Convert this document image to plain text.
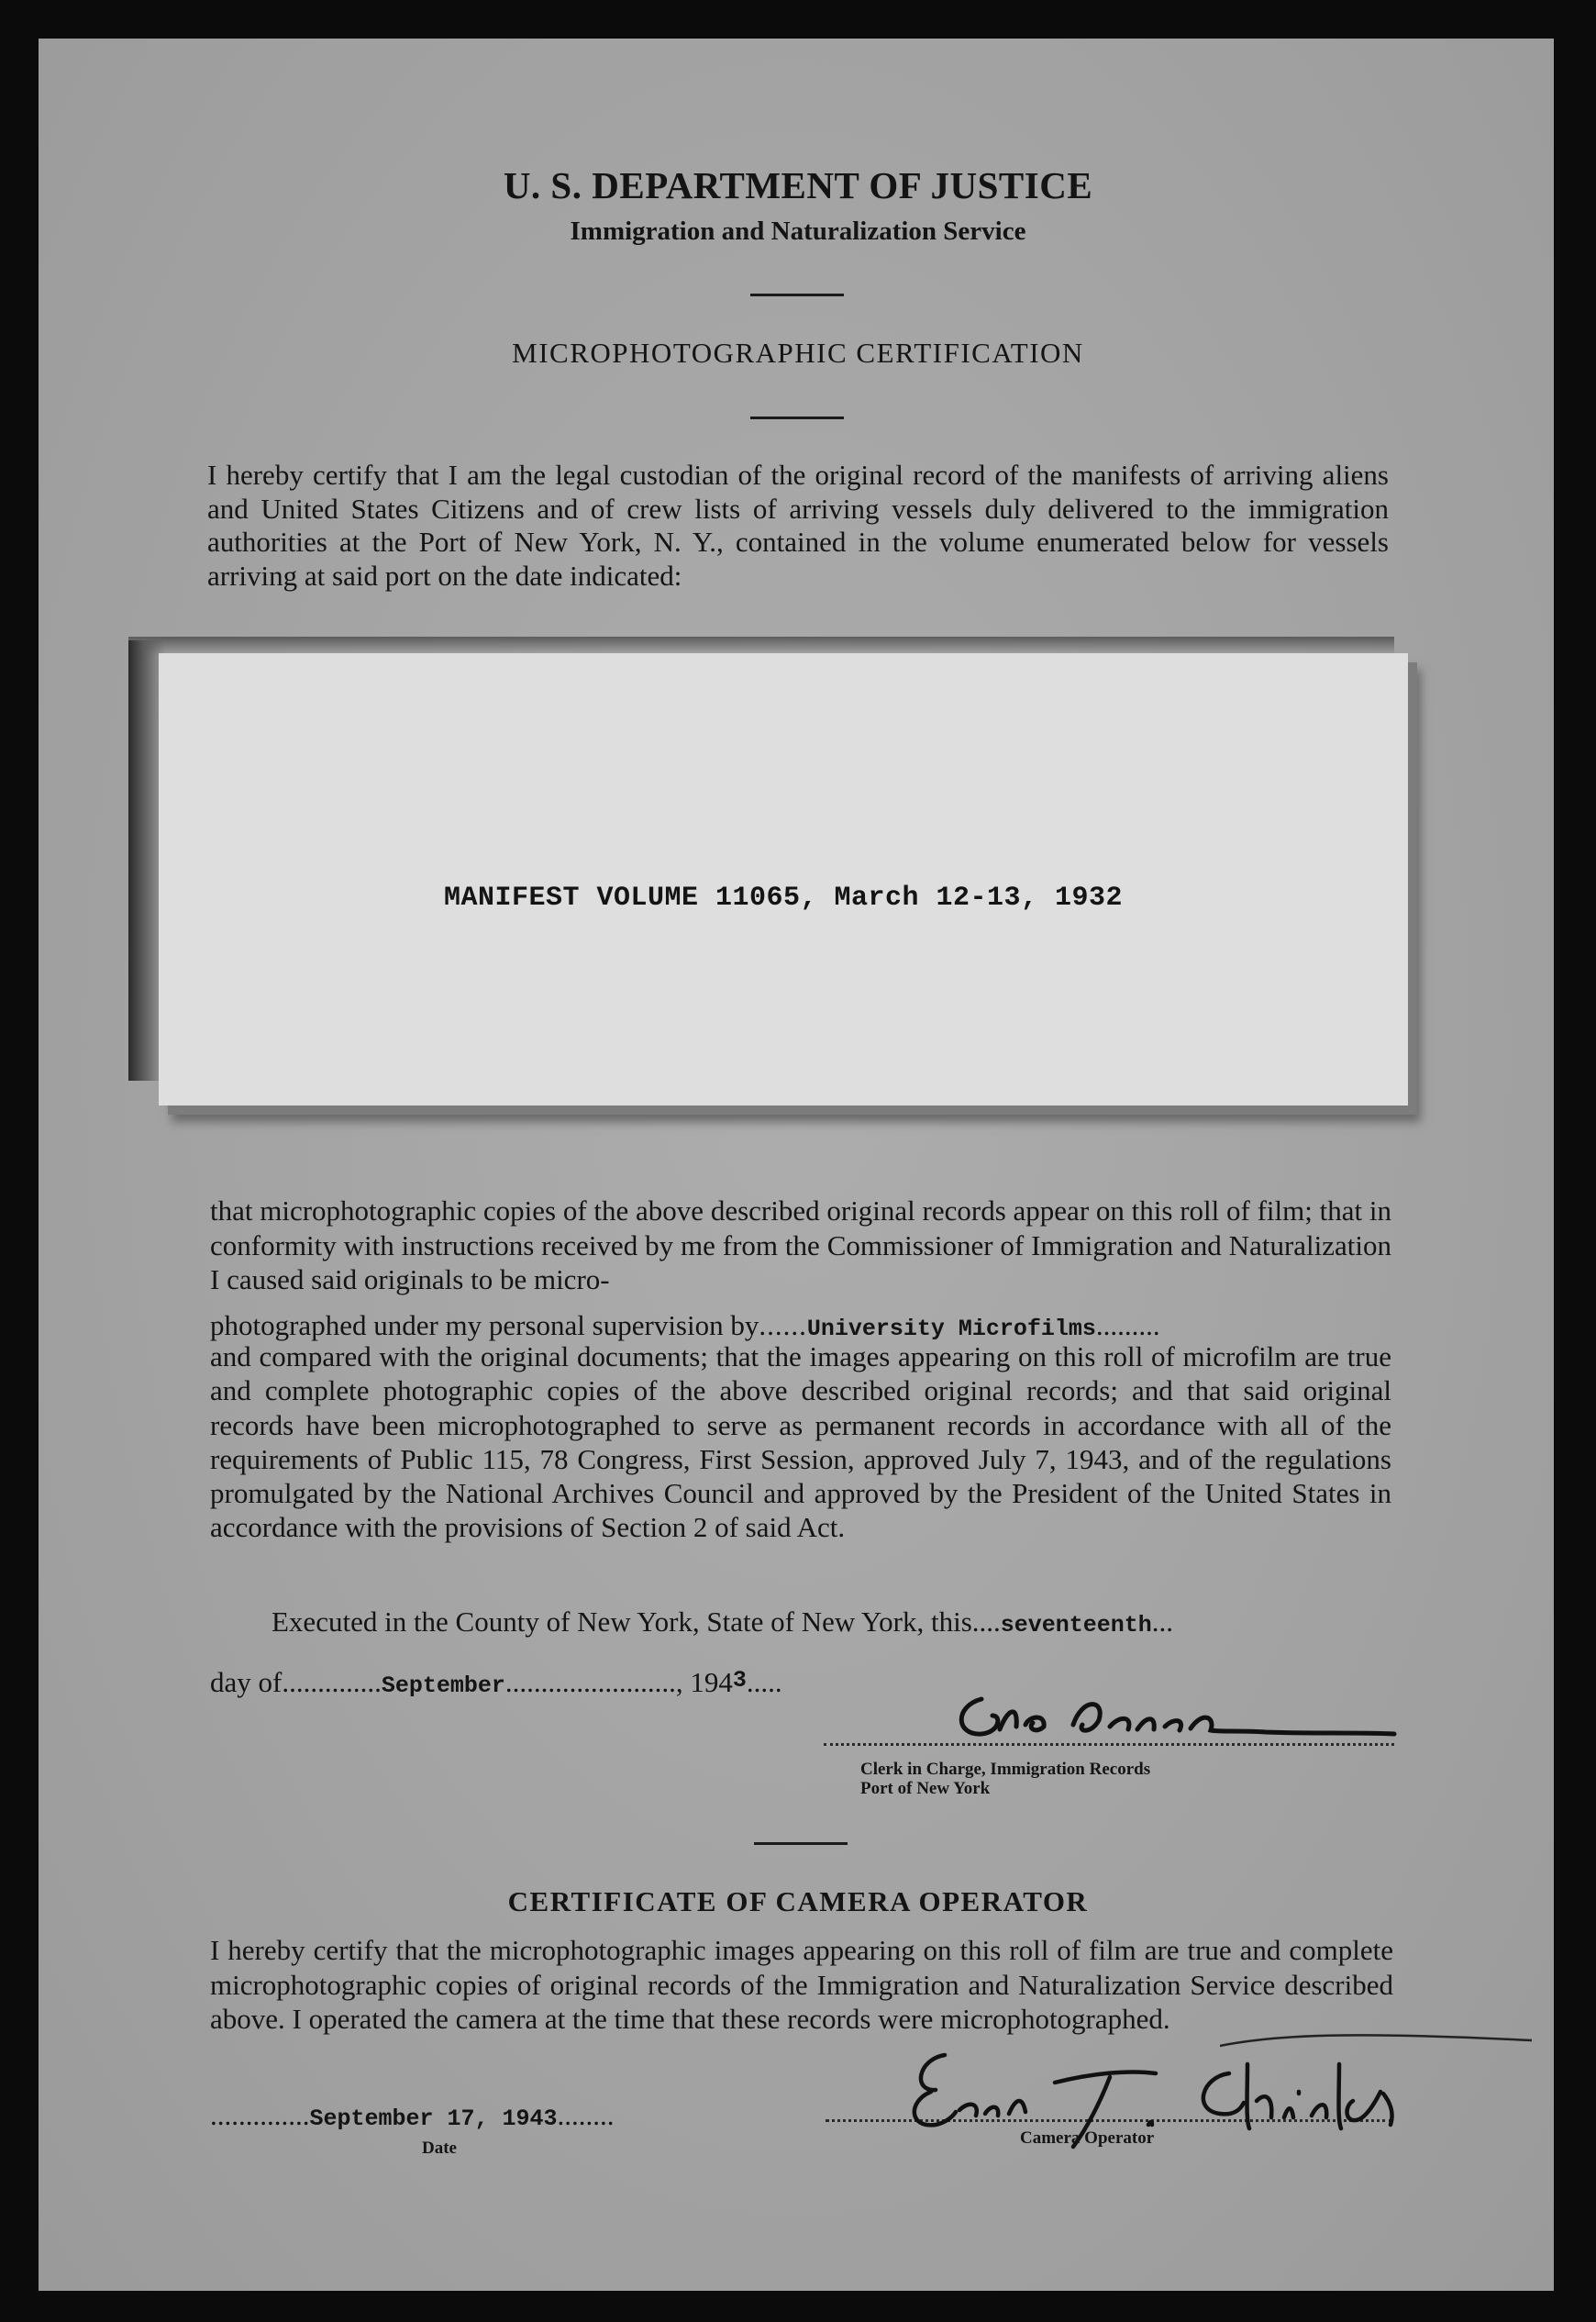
U. S. DEPARTMENT OF JUSTICE
Immigration and Naturalization Service
MICROPHOTOGRAPHIC CERTIFICATION

I hereby certify that I am the legal custodian of the original record of the manifests of arriving aliens and United States Citizens and of crew lists of arriving vessels duly delivered to the immigration authorities at the Port of New York, N. Y., contained in the volume enumerated below for vessels arriving at said port on the date indicated:

MANIFEST VOLUME 11065, March 12-13, 1932

that microphotographic copies of the above described original records appear on this roll of film; that in conformity with instructions received by me from the Commissioner of Immigration and Naturalization I caused said originals to be micro-

photographed under my personal supervision by......University Microfilms.........

and compared with the original documents; that the images appearing on this roll of microfilm are true and complete photographic copies of the above described original records; and that said original records have been microphotographed to serve as permanent records in accordance with all of the requirements of Public 115, 78 Congress, First Session, approved July 7, 1943, and of the regulations promulgated by the National Archives Council and approved by the President of the United States in accordance with the provisions of Section 2 of said Act.

Executed in the County of New York, State of New York, this....seventeenth...
day of..............September........................, 1943.....
Clerk in Charge, Immigration Records
Port of New York
CERTIFICATE OF CAMERA OPERATOR

I hereby certify that the microphotographic images appearing on this roll of film are true and complete microphotographic copies of original records of the Immigration and Naturalization Service described above. I operated the camera at the time that these records were microphotographed.

..............September 17, 1943........
Date
Camera Operator
